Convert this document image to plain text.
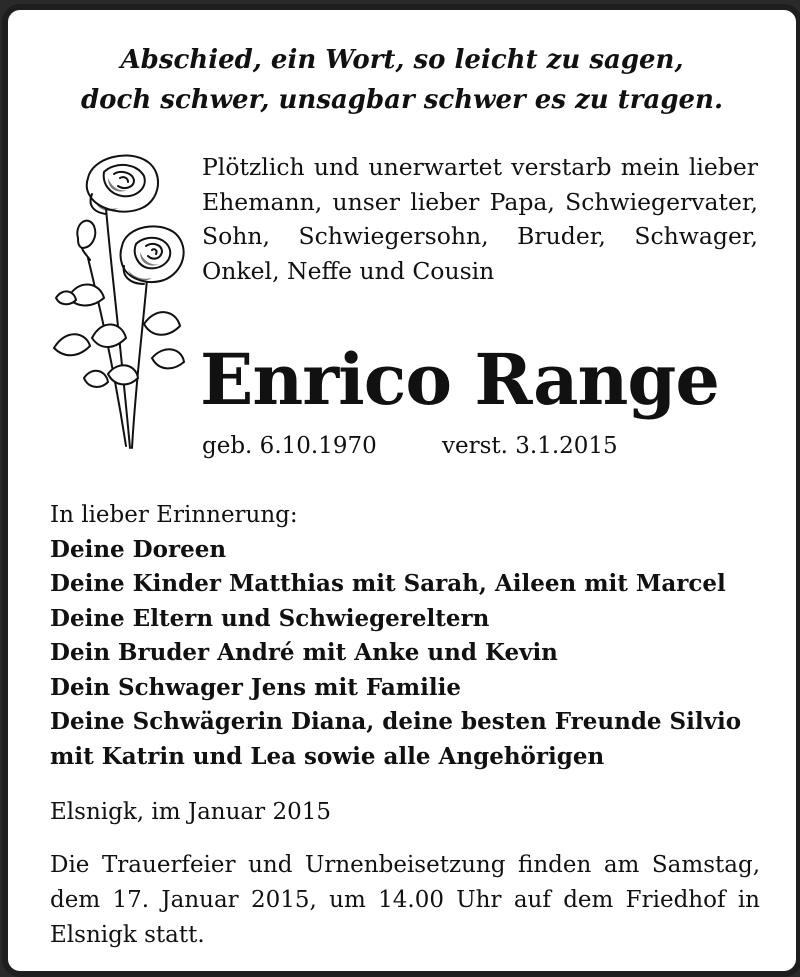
Abschied, ein Wort, so leicht zu sagen,
doch schwer, unsagbar schwer es zu tragen.
Plötzlich und unerwartet verstarb mein lieber Ehemann, unser lieber Papa, Schwiegervater, Sohn, Schwiegersohn, Bruder, Schwager, Onkel, Neffe und Cousin
Enrico Range
geb. 6.10.1970	verst. 3.1.2015
In lieber Erinnerung:
Deine Doreen
Deine Kinder Matthias mit Sarah, Aileen mit Marcel
Deine Eltern und Schwiegereltern
Dein Bruder André mit Anke und Kevin
Dein Schwager Jens mit Familie
Deine Schwägerin Diana, deine besten Freunde Silvio
mit Katrin und Lea sowie alle Angehörigen
Elsnigk, im Januar 2015
Die Trauerfeier und Urnenbeisetzung finden am Samstag, dem 17. Januar 2015, um 14.00 Uhr auf dem Friedhof in Elsnigk statt.
